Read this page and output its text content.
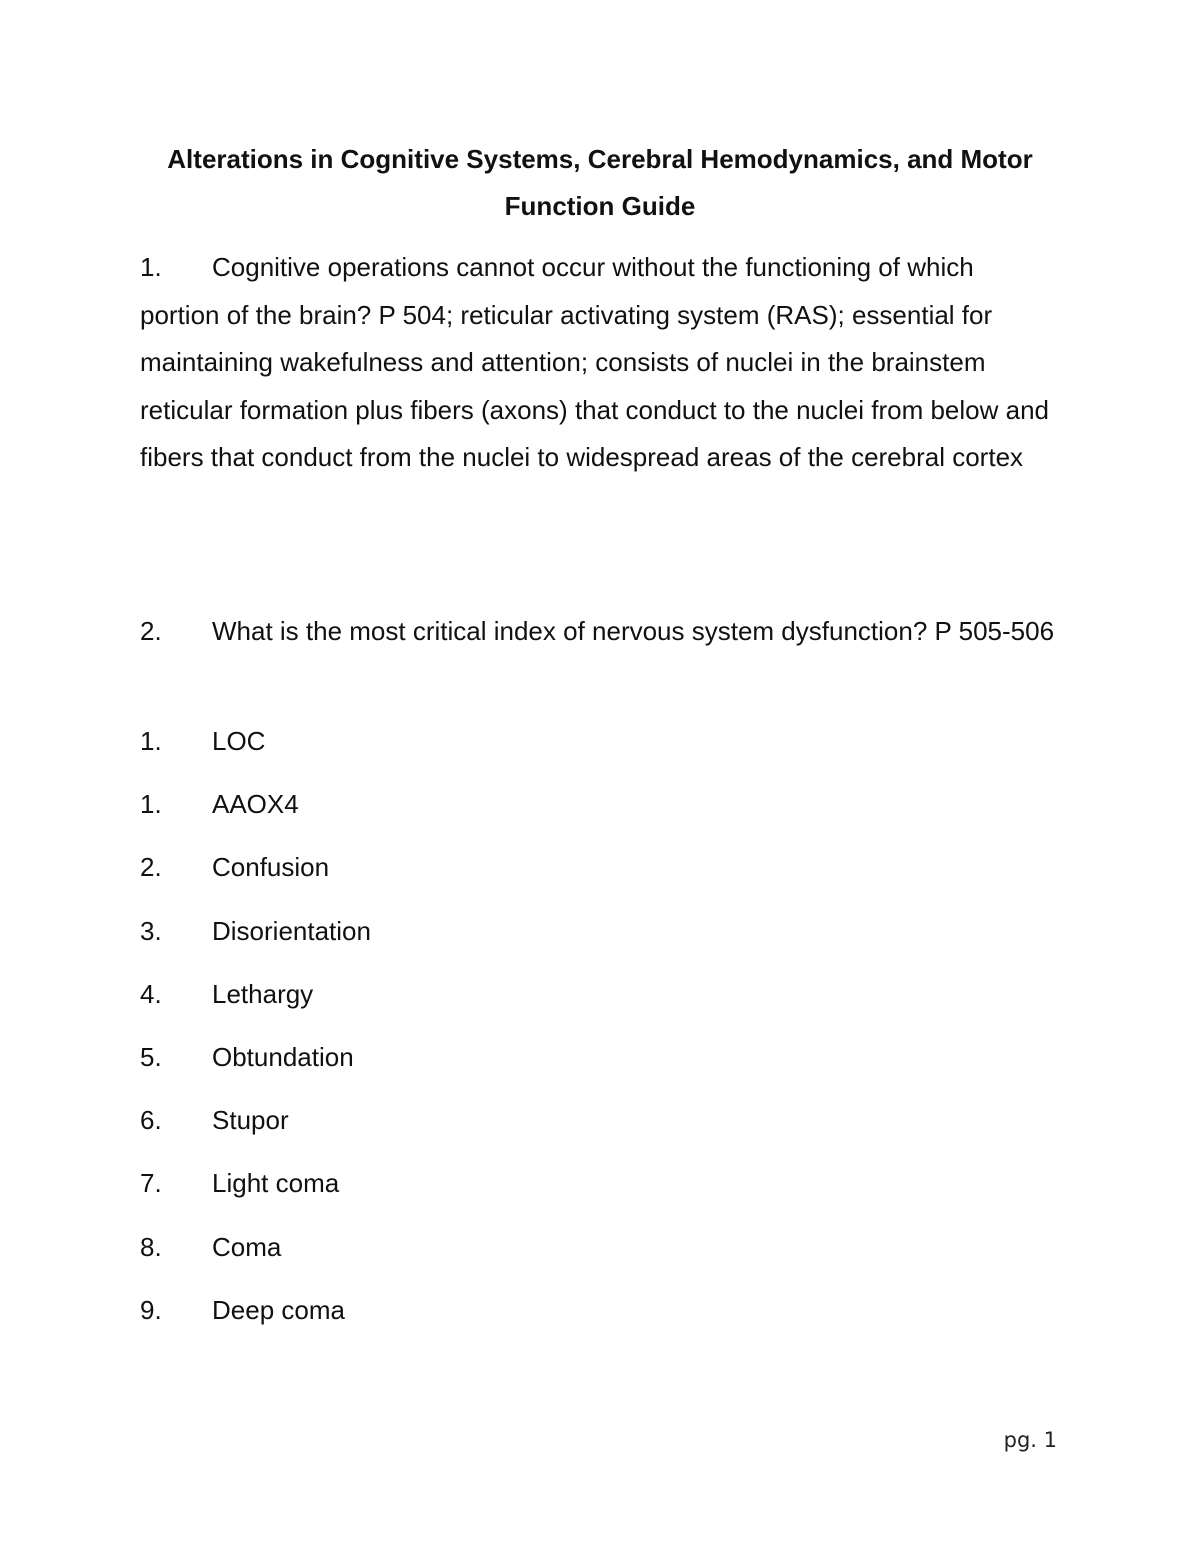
Alterations in Cognitive Systems, Cerebral Hemodynamics, and Motor Function Guide

1. Cognitive operations cannot occur without the functioning of which portion of the brain? P 504; reticular activating system (RAS); essential for maintaining wakefulness and attention; consists of nuclei in the brainstem reticular formation plus fibers (axons) that conduct to the nuclei from below and fibers that conduct from the nuclei to widespread areas of the cerebral cortex

2. What is the most critical index of nervous system dysfunction? P 505-506

1. LOC
1. AAOX4
2. Confusion
3. Disorientation
4. Lethargy
5. Obtundation
6. Stupor
7. Light coma
8. Coma
9. Deep coma
pg. 1
